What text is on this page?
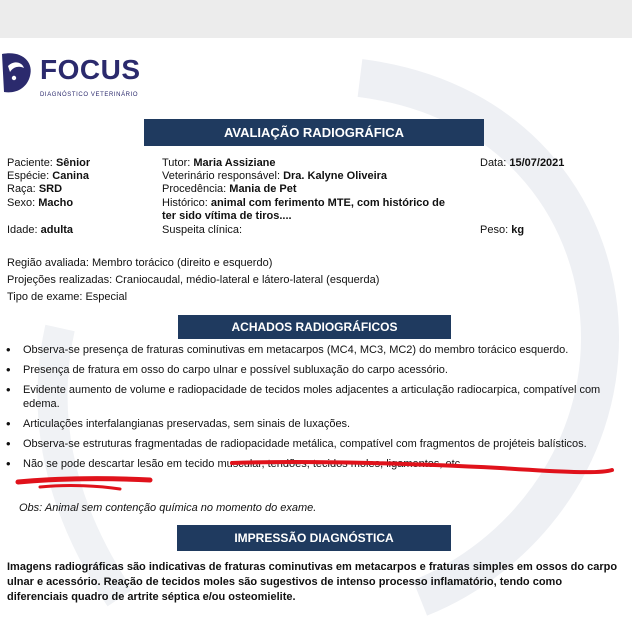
FOCUS
DIAGNÓSTICO VETERINÁRIO
AVALIAÇÃO RADIOGRÁFICA
Paciente: Sênior
Espécie: Canina
Raça: SRD
Sexo: Macho
Idade: adulta
Tutor: Maria Assiziane
Veterinário responsável: Dra. Kalyne Oliveira
Procedência: Mania de Pet
Histórico: animal com ferimento MTE, com histórico de
ter sido vítima de tiros....
Suspeita clínica:
Data: 15/07/2021
Peso: kg
Região avaliada: Membro torácico (direito e esquerdo)
Projeções realizadas: Craniocaudal, médio-lateral e látero-lateral (esquerda)
Tipo de exame: Especial
ACHADOS RADIOGRÁFICOS
• Observa-se presença de fraturas cominutivas em metacarpos (MC4, MC3, MC2) do membro torácico esquerdo.
• Presença de fratura em osso do carpo ulnar e possível subluxação do carpo acessório.
• Evidente aumento de volume e radiopacidade de tecidos moles adjacentes a articulação radiocarpica, compatível com edema.
• Articulações interfalangianas preservadas, sem sinais de luxações.
• Observa-se estruturas fragmentadas de radiopacidade metálica, compatível com fragmentos de projéteis balísticos.
• Não se pode descartar lesão em tecido muscular, tendões, tecidos moles, ligamentos, etc.
Obs: Animal sem contenção química no momento do exame.
IMPRESSÃO DIAGNÓSTICA
Imagens radiográficas são indicativas de fraturas cominutivas em metacarpos e fraturas simples em ossos do carpo ulnar e acessório. Reação de tecidos moles são sugestivos de intenso processo inflamatório, tendo como diferenciais quadro de artrite séptica e/ou osteomielite.
